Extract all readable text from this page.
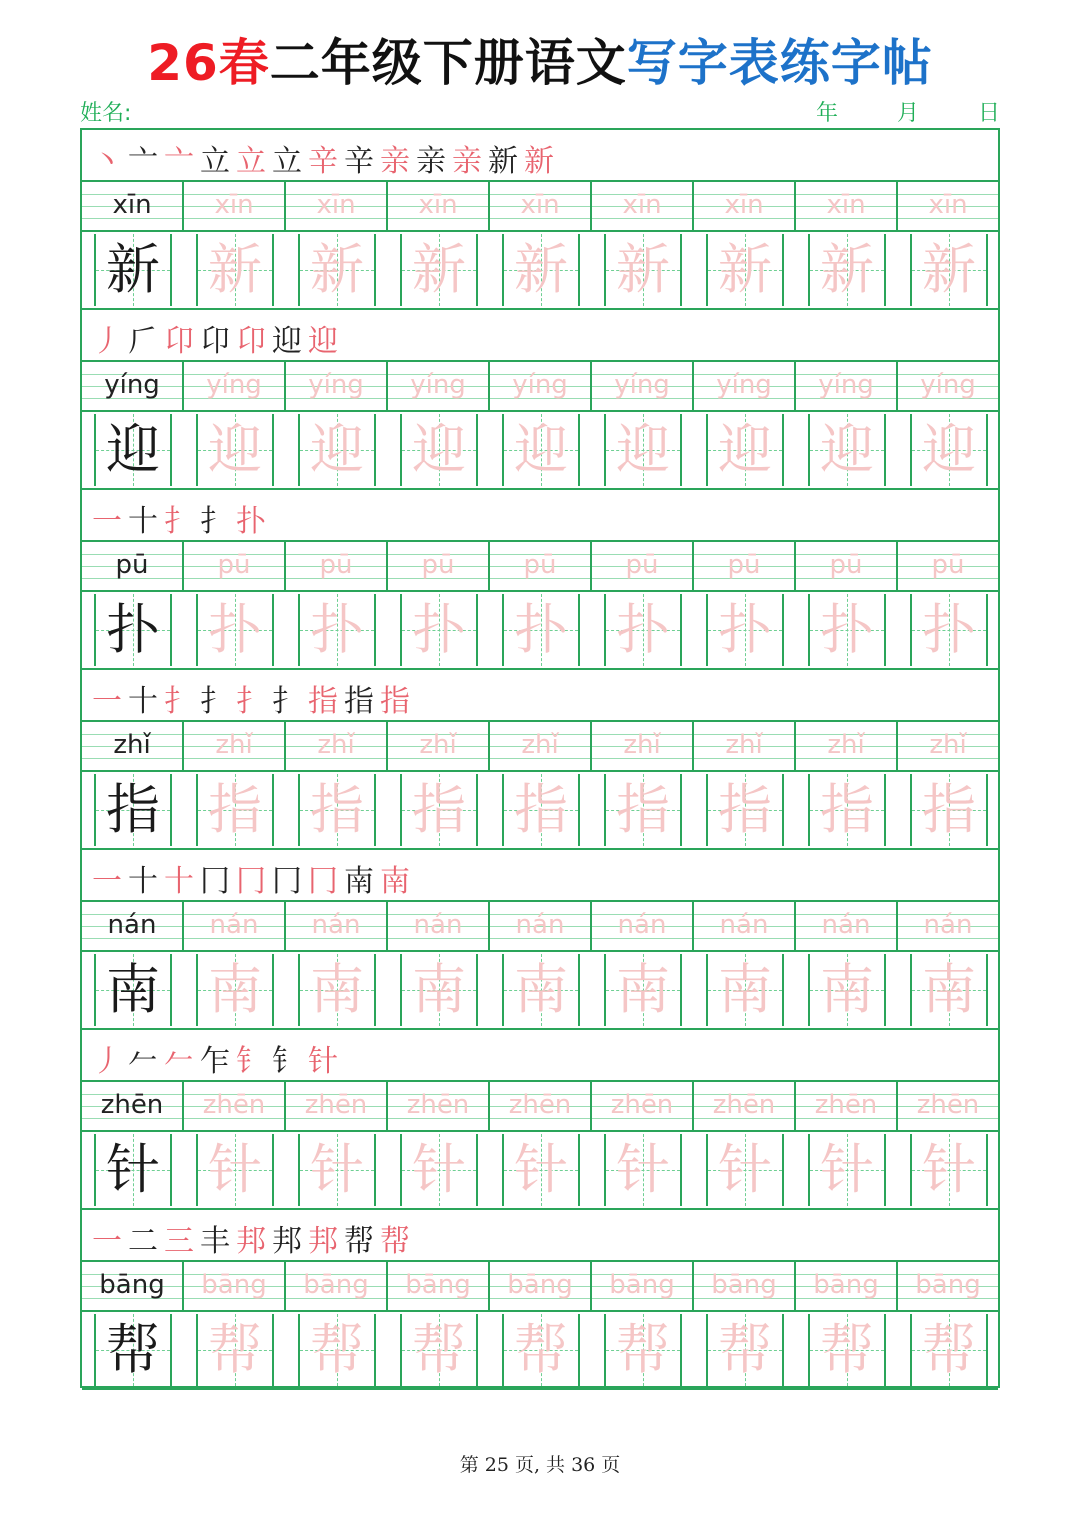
26春二年级下册语文写字表练字帖
姓名:	年	月	日
丶亠亠立立立辛辛亲亲亲新新
xīn	xīn	xīn	xīn	xīn	xīn	xīn	xīn	xīn
新 新 新 新 新 新 新 新 新
丿𠂆卬卬卬迎迎
yíng	yíng	yíng	yíng	yíng	yíng	yíng	yíng	yíng
迎 迎 迎 迎 迎 迎 迎 迎 迎
一十扌扌扑
pū	pū	pū	pū	pū	pū	pū	pū	pū
扑 扑 扑 扑 扑 扑 扑 扑 扑
一十扌扌扌扌指指指
zhǐ	zhǐ	zhǐ	zhǐ	zhǐ	zhǐ	zhǐ	zhǐ	zhǐ
指 指 指 指 指 指 指 指 指
一十十冂冂冂冂南南
nán	nán	nán	nán	nán	nán	nán	nán	nán
南 南 南 南 南 南 南 南 南
丿𠂉𠂉乍钅钅针
zhēn	zhēn	zhēn	zhēn	zhēn	zhēn	zhēn	zhēn	zhēn
针 针 针 针 针 针 针 针 针
一二三丰邦邦邦帮帮
bāng	bāng	bāng	bāng	bāng	bāng	bāng	bāng	bāng
帮 帮 帮 帮 帮 帮 帮 帮 帮
第 25 页, 共 36 页
